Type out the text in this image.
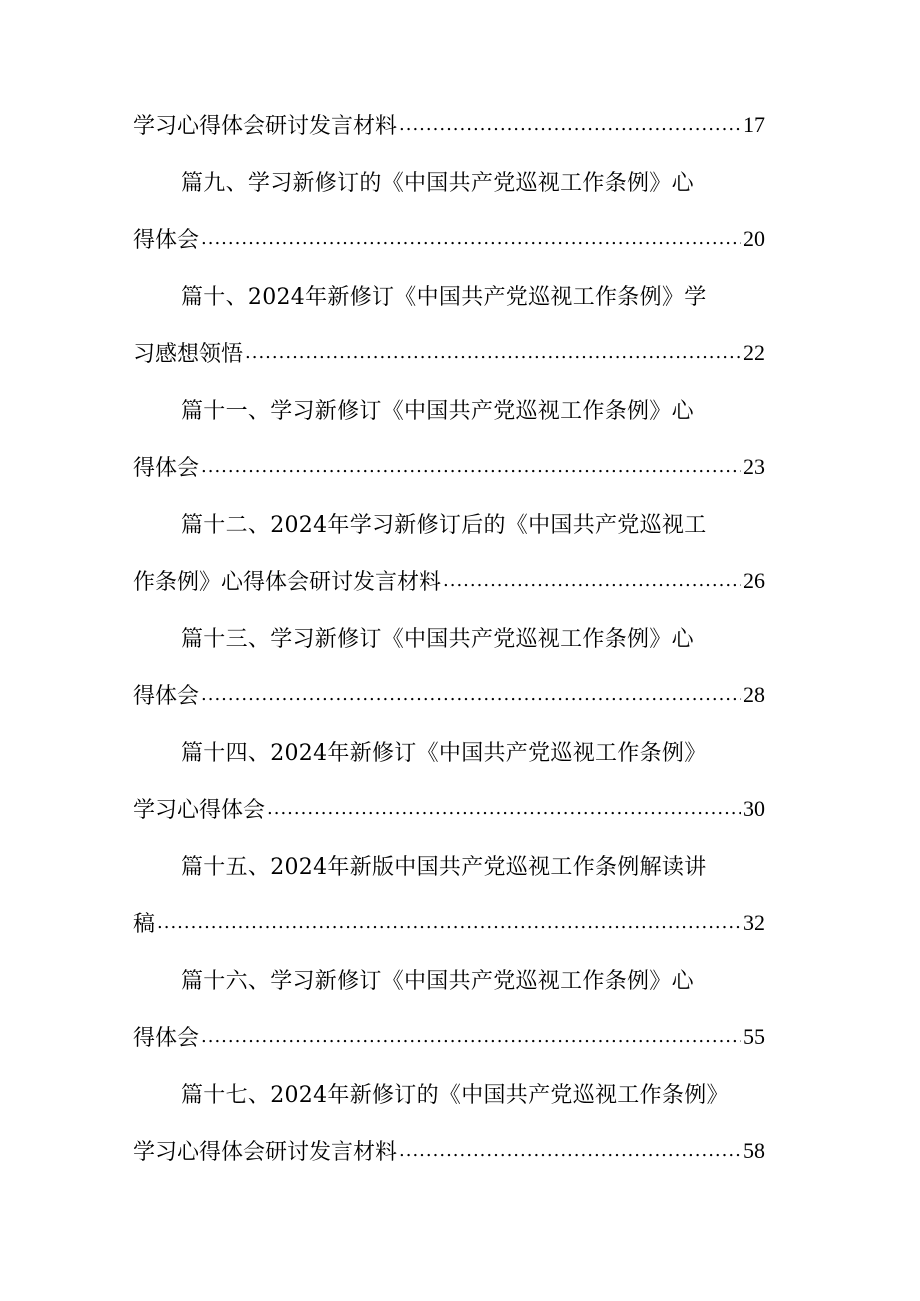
学习心得体会研讨发言材料 .....	17
篇九、学习新修订的《中国共产党巡视工作条例》心
得体会 .....	20
篇十、2024年新修订《中国共产党巡视工作条例》学
习感想领悟 .....	22
篇十一、学习新修订《中国共产党巡视工作条例》心
得体会 .....	23
篇十二、2024年学习新修订后的《中国共产党巡视工
作条例》心得体会研讨发言材料 .....	26
篇十三、学习新修订《中国共产党巡视工作条例》心
得体会 .....	28
篇十四、2024年新修订《中国共产党巡视工作条例》
学习心得体会 .....	30
篇十五、2024年新版中国共产党巡视工作条例解读讲
稿 .....	32
篇十六、学习新修订《中国共产党巡视工作条例》心
得体会 .....	55
篇十七、2024年新修订的《中国共产党巡视工作条例》
学习心得体会研讨发言材料 .....	58
